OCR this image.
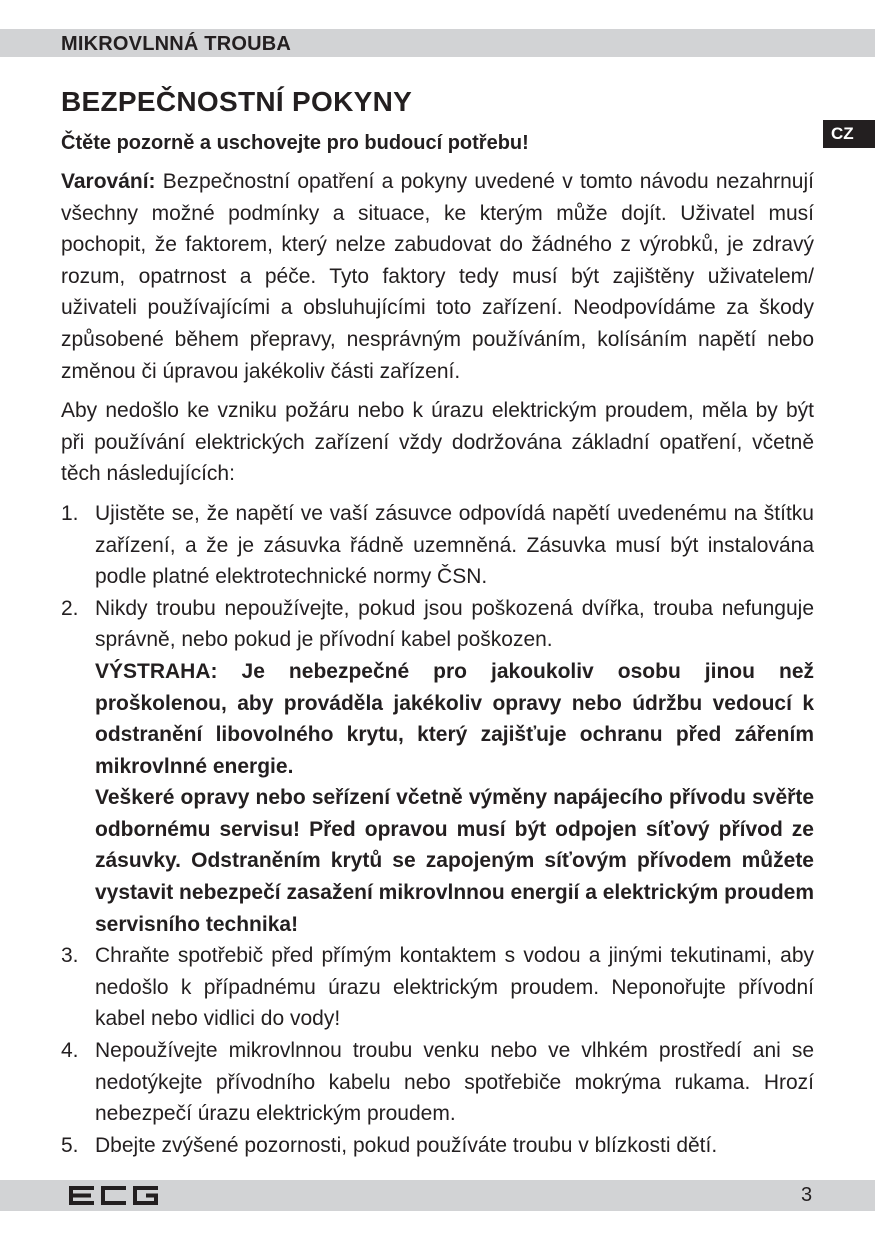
MIKROVLNNÁ TROUBA
CZ
BEZPEČNOSTNÍ POKYNY
Čtěte pozorně a uschovejte pro budoucí potřebu!

Varování: Bezpečnostní opatření a pokyny uvedené v tomto návodu nezahrnují všechny možné podmínky a situace, ke kterým může dojít. Uživatel musí pochopit, že faktorem, který nelze zabudovat do žádného z výrobků, je zdravý rozum, opatrnost a péče. Tyto faktory tedy musí být zajištěny uživatelem/ uživateli používajícími a obsluhujícími toto zařízení. Neodpovídáme za škody způsobené během přepravy, nesprávným používáním, kolísáním napětí nebo změnou či úpravou jakékoliv části zařízení.

Aby nedošlo ke vzniku požáru nebo k úrazu elektrickým proudem, měla by být při používání elektrických zařízení vždy dodržována základní opatření, včetně těch následujících:

1. Ujistěte se, že napětí ve vaší zásuvce odpovídá napětí uvedenému na štítku zařízení, a že je zásuvka řádně uzemněná. Zásuvka musí být instalována podle platné elektrotechnické normy ČSN.
2. Nikdy troubu nepoužívejte, pokud jsou poškozená dvířka, trouba nefunguje správně, nebo pokud je přívodní kabel poškozen.

VÝSTRAHA: Je nebezpečné pro jakoukoliv osobu jinou než proškolenou, aby prováděla jakékoliv opravy nebo údržbu vedoucí k odstranění libovolného krytu, který zajišťuje ochranu před zářením mikrovlnné energie.

Veškeré opravy nebo seřízení včetně výměny napájecího přívodu svěřte odbornému servisu! Před opravou musí být odpojen síťový přívod ze zásuvky. Odstraněním krytů se zapojeným síťovým přívodem můžete vystavit nebezpečí zasažení mikrovlnnou energií a elektrickým proudem servisního technika!

3. Chraňte spotřebič před přímým kontaktem s vodou a jinými tekutinami, aby nedošlo k případnému úrazu elektrickým proudem. Neponořujte přívodní kabel nebo vidlici do vody!
4. Nepoužívejte mikrovlnnou troubu venku nebo ve vlhkém prostředí ani se nedotýkejte přívodního kabelu nebo spotřebiče mokrýma rukama. Hrozí nebezpečí úrazu elektrickým proudem.
5. Dbejte zvýšené pozornosti, pokud používáte troubu v blízkosti dětí.
3
